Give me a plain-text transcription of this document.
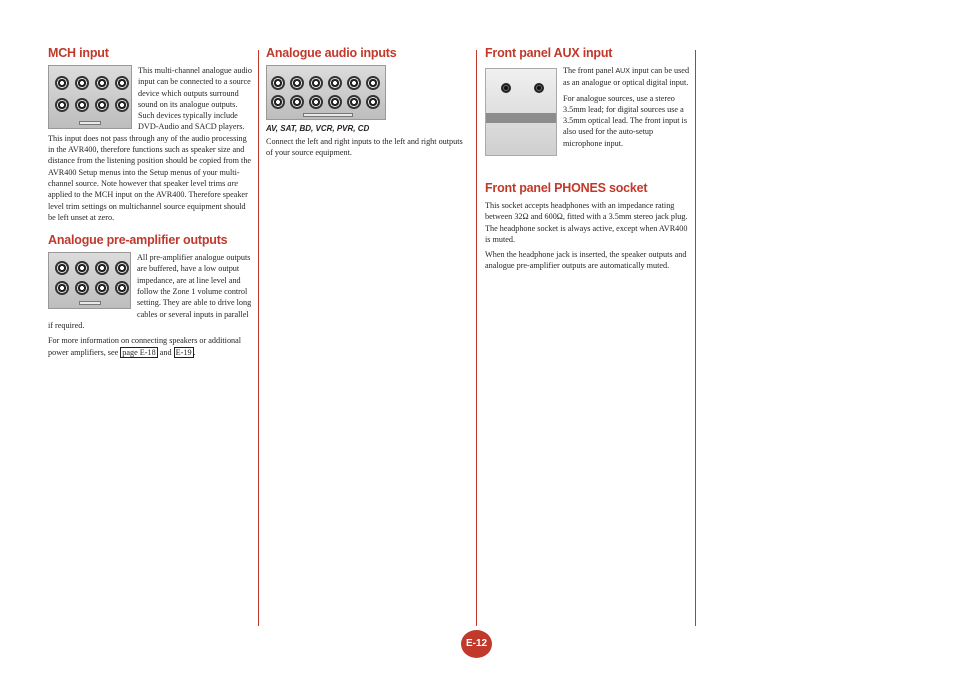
MCH input

This multi-channel analogue audio input can be connected to a source device which outputs surround sound on its analogue outputs. Such devices typically include DVD-Audio and SACD players. This input does not pass through any of the audio processing in the AVR400, therefore functions such as speaker size and distance from the listening position should be copied from the AVR400 Setup menus into the Setup menus of your multi-channel source. Note however that speaker level trims are applied to the MCH input on the AVR400. Therefore speaker level trim settings on multichannel source equipment should be left unset at zero.

Analogue pre-amplifier outputs

All pre-amplifier analogue outputs are buffered, have a low output impedance, are at line level and follow the Zone 1 volume control setting. They are able to drive long cables or several inputs in parallel if required.

For more information on connecting speakers or additional power amplifiers, see page E-18 and E-19 .

Analogue audio inputs
AV, SAT, BD, VCR, PVR, CD

Connect the left and right inputs to the left and right outputs of your source equipment.

Front panel AUX input

The front panel AUX input can be used as an analogue or optical digital input.

For analogue sources, use a stereo 3.5mm lead; for digital sources use a 3.5mm optical lead. The front input is also used for the auto-setup microphone input.

Front panel PHONES socket

This socket accepts headphones with an impedance rating between 32Ω and 600Ω, fitted with a 3.5mm stereo jack plug. The headphone socket is always active, except when AVR400 is muted.

When the headphone jack is inserted, the speaker outputs and analogue pre-amplifier outputs are automatically muted.

E-12
